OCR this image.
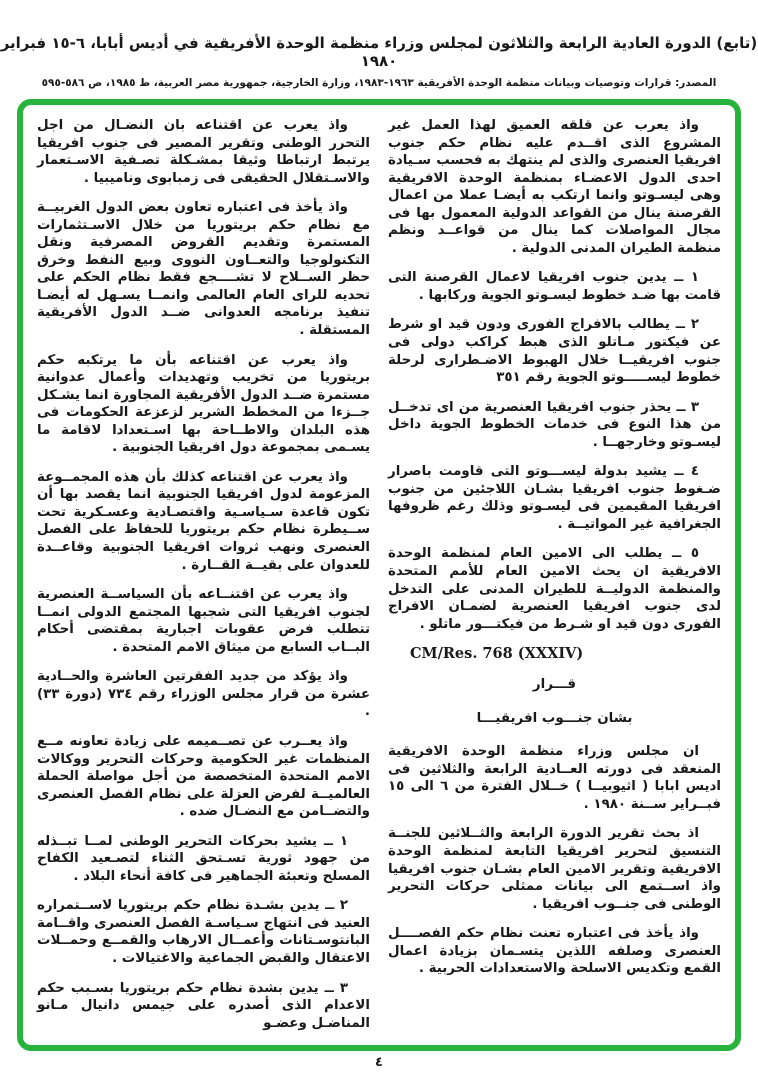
(تابع) الدورة العادية الرابعة والثلاثون لمجلس وزراء منظمة الوحدة الأفريقية في أديس أبابا، ٦-١٥ فبراير ١٩٨٠
المصدر: قرارات وتوصيات وبيانات منظمة الوحدة الأفريقية ١٩٦٣-١٩٨٣، وزارة الخارجية، جمهورية مصر العربية، ط ١٩٨٥، ص ٥٨٦-٥٩٥

واذ يعرب عن قلقه العميق لهذا العمل غير المشروع الذى اقــدم عليه نظام حكم جنوب افريقيا العنصرى والذى لم ينتهك به فحسب سـيادة احدى الدول الاعضـاء بمنظمة الوحدة الافريقية وهى ليسـوتو وانما ارتكب به أيضـا عملا من اعمال القرصنة ينال من القواعد الدولية المعمول بها فى مجال المواصلات كما ينال من قواعــد ونظم منظمة الطيران المدنى الدولية .

١ ــ يدين جنوب افريقيا لاعمال القرصنة التى قامت بها ضـد خطوط ليسـوتو الجوية وركابها .

٢ ــ يطالب بالافراج الفورى ودون قيد او شرط عن فيكتور مـاتلو الذى هبط كراكب دولى فى جنوب افريقيــا خلال الهبوط الاضـطرارى لرحلة خطوط ليســـــوتو الجوية رقم ٣٥١

٣ ــ يحذر جنوب افريقيا العنصرية من اى تدخــل من هذا النوع فى خدمات الخطوط الجوية داخل ليسـوتو وخارجهــا .

٤ ــ يشيد بدولة ليســـوتو التى قاومت باصرار ضـغوط جنوب افريقيا بشـان اللاجئين من جنوب افريقيا المقيمين فى ليسـوتو وذلك رغم ظروفها الجغرافية غير المواتيــة .

٥ ــ يطلب الى الامين العام لمنظمة الوحدة الافريقية ان يحث الامين العام للأمم المتحدة والمنظمة الدوليــة للطيران المدنى على التدخل لدى جنوب افريقيا العنصرية لضمـان الافراج الفورى دون قيد او شـرط من فيكتـــور ماتلو .

CM/Res. 768 (XXXIV)

قـــرار

بشان جنـــوب افريقيـــا

ان مجلس وزراء منظمة الوحدة الافريقية المنعقد فى دورته العــادية الرابعة والثلاثين فى اديس ابابا ( اثيوبيــا ) خــلال الفترة من ٦ الى ١٥ فبــراير ســنة ١٩٨٠ .

اذ بحث تقرير الدورة الرابعة والثــلاثين للجنــة التنسيق لتحرير افريقيا التابعة لمنظمة الوحدة الافريقية وتقرير الامين العام بشـان جنوب افريقيا واذ اســتمع الى بيانات ممثلى حركات التحرير الوطنى فى جنــوب افريقيا .

واذ يأخذ فى اعتباره تعنت نظام حكم الفصــــل العنصرى وصلفه اللذين يتسـمان بزيادة اعمال القمع وتكديس الاسلحة والاستعدادات الحربية .

واذ يعرب عن اقتناعه بان النضـال من اجل التحرر الوطنى وتقرير المصير فى جنوب افريقيا يرتبط ارتباطا وثيقا بمشـكلة تصـفية الاسـتعمار والاسـتقلال الحقيقى فى زمبابوى وناميبيا .

واذ يأخذ فى اعتباره تعاون بعض الدول الغربيــة مع نظام حكم بريتوريا من خلال الاسـتثمارات المستمرة وتقديم القروض المصرفية ونقل التكنولوجيا والتعــاون النووى وبيع النفط وخرق حظر الســلاح لا تشــــجع فقط نظام الحكم على تحديه للراى العام العالمى وانمــا يسـهل له أيضـا تنفيذ برنامجه العدوانى ضــد الدول الأفريقية المستقلة .

واذ يعرب عن اقتناعه بأن ما يرتكبه حكم بريتوريا من تخريب وتهديدات وأعمال عدوانية مستمرة ضــد الدول الأفريقية المجاورة انما يشـكل جــزءا من المخطط الشرير لزعزعة الحكومات فى هذه البلدان والاطــاحة بها اسـتعدادا لاقامة ما يسـمى بمجموعة دول افريقيا الجنوبية .

واذ يعرب عن اقتناعه كذلك بأن هذه المجمــوعة المزعومة لدول افريقيا الجنوبية انما يقصد بها أن تكون قاعدة سـياسـية واقتصـادية وعسـكرية تحت ســيطرة نظام حكم بريتوريا للحفاظ على الفصل العنصرى ونهب ثروات افريقيا الجنوبية وقاعــدة للعدوان على بقيــة القــارة .

واذ يعرب عن اقتنــاعه بأن السياســة العنصرية لجنوب افريقيا التى شجبها المجتمع الدولى انمــا تتطلب فرض عقوبات اجبارية بمقتضى أحكام البــاب السابع من ميثاق الامم المتحدة .

واذ يؤكد من جديد الفقرتين العاشرة والحــادية عشرة من قرار مجلس الوزراء رقم ٧٣٤ (دورة ٣٣) .

واذ يعــرب عن تصــميمه على زيادة تعاونه مــع المنظمات غير الحكومية وحركات التحرير ووكالات الامم المتحدة المتخصصة من أجل مواصلة الحملة العالميــة لفرض العزلة على نظام الفصل العنصرى والتضــامن مع النضـال ضده .

١ ــ يشيد بحركات التحرير الوطنى لمــا تبــذله من جهود ثورية تسـتحق الثناء لتصـعيد الكفاح المسلح وتعبئة الجماهير فى كافة أنحاء البلاد .

٢ ــ يدين بشـدة نظام حكم بريتوريا لاســتمراره العنيد فى انتهاج سـياسـة الفصل العنصرى واقــامة البانتوسـتانات وأعمــال الارهاب والقمــع وحمــلات الاعتقال والقبض الجماعية والاغتيالات .

٣ ــ يدين بشدة نظام حكم بريتوريا بسـبب حكم الاعدام الذى أصدره على جيمس دانيال مـانو المناضـل وعضـو

٤
